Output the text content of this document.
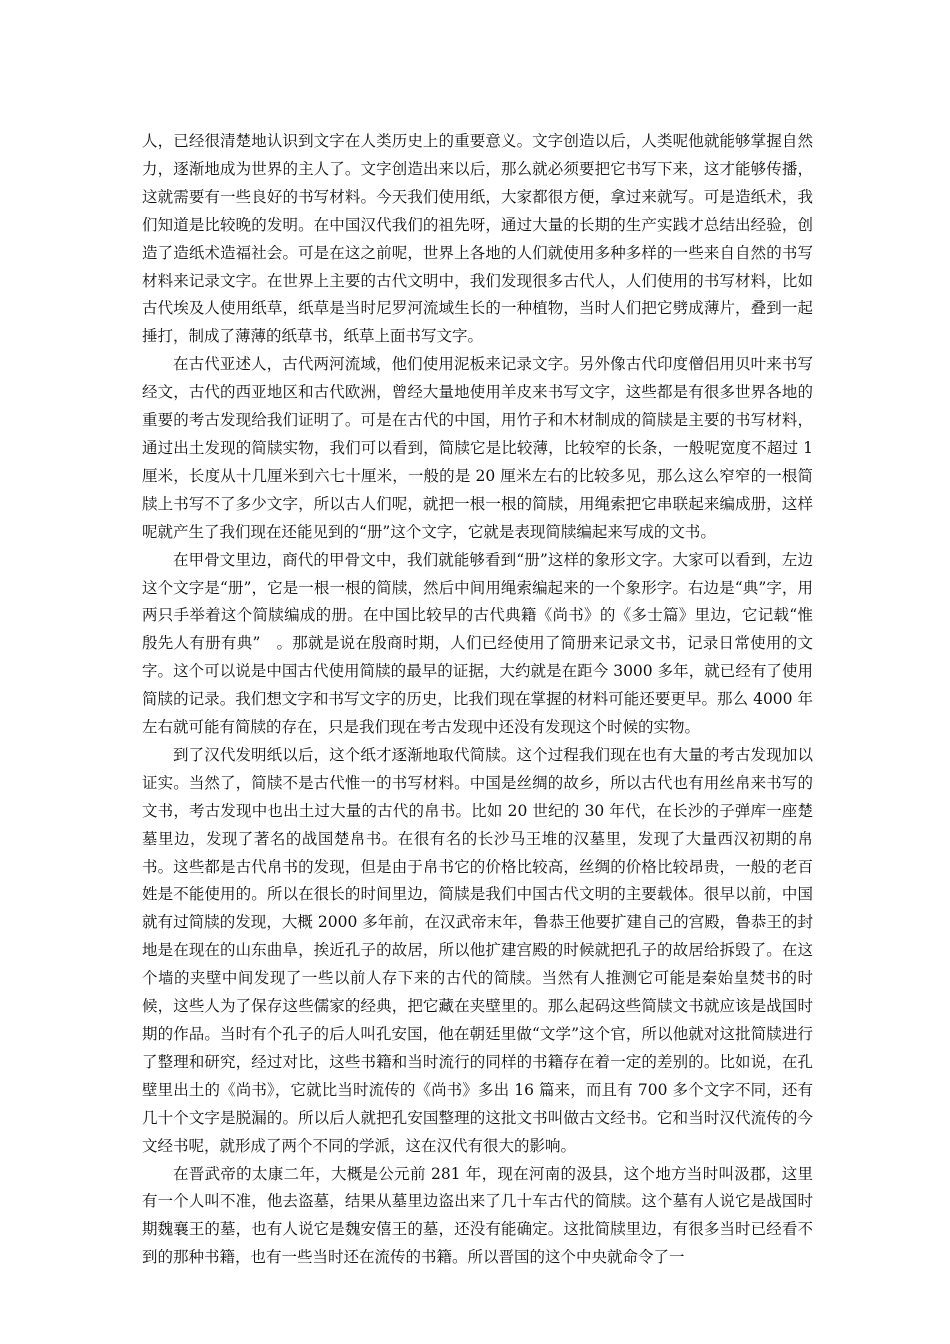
人，已经很清楚地认识到文字在人类历史上的重要意义。文字创造以后，人类呢他就能够掌握自然力，逐渐地成为世界的主人了。文字创造出来以后，那么就必须要把它书写下来，这才能够传播，这就需要有一些良好的书写材料。今天我们使用纸，大家都很方便，拿过来就写。可是造纸术，我们知道是比较晚的发明。在中国汉代我们的祖先呀，通过大量的长期的生产实践才总结出经验，创造了造纸术造福社会。可是在这之前呢，世界上各地的人们就使用多种多样的一些来自自然的书写材料来记录文字。在世界上主要的古代文明中，我们发现很多古代人，人们使用的书写材料，比如古代埃及人使用纸草，纸草是当时尼罗河流域生长的一种植物，当时人们把它劈成薄片，叠到一起捶打，制成了薄薄的纸草书，纸草上面书写文字。

在古代亚述人，古代两河流域，他们使用泥板来记录文字。另外像古代印度僧侣用贝叶来书写经文，古代的西亚地区和古代欧洲，曾经大量地使用羊皮来书写文字，这些都是有很多世界各地的重要的考古发现给我们证明了。可是在古代的中国，用竹子和木材制成的简牍是主要的书写材料，通过出土发现的简牍实物，我们可以看到，简牍它是比较薄，比较窄的长条，一般呢宽度不超过 1 厘米，长度从十几厘米到六七十厘米，一般的是 20 厘米左右的比较多见，那么这么窄窄的一根简牍上书写不了多少文字，所以古人们呢，就把一根一根的简牍，用绳索把它串联起来编成册，这样呢就产生了我们现在还能见到的“册”这个文字，它就是表现简牍编起来写成的文书。

在甲骨文里边，商代的甲骨文中，我们就能够看到“册”这样的象形文字。大家可以看到，左边这个文字是“册”，它是一根一根的简牍，然后中间用绳索编起来的一个象形字。右边是“典”字，用两只手举着这个简牍编成的册。在中国比较早的古代典籍《尚书》的《多士篇》里边，它记载“惟殷先人有册有典”　。那就是说在殷商时期，人们已经使用了简册来记录文书，记录日常使用的文字。这个可以说是中国古代使用简牍的最早的证据，大约就是在距今 3000 多年，就已经有了使用简牍的记录。我们想文字和书写文字的历史，比我们现在掌握的材料可能还要更早。那么 4000 年左右就可能有简牍的存在，只是我们现在考古发现中还没有发现这个时候的实物。

到了汉代发明纸以后，这个纸才逐渐地取代简牍。这个过程我们现在也有大量的考古发现加以证实。当然了，简牍不是古代惟一的书写材料。中国是丝绸的故乡，所以古代也有用丝帛来书写的文书，考古发现中也出土过大量的古代的帛书。比如 20 世纪的 30 年代，在长沙的子弹库一座楚墓里边，发现了著名的战国楚帛书。在很有名的长沙马王堆的汉墓里，发现了大量西汉初期的帛书。这些都是古代帛书的发现，但是由于帛书它的价格比较高，丝绸的价格比较昂贵，一般的老百姓是不能使用的。所以在很长的时间里边，简牍是我们中国古代文明的主要载体。很早以前，中国就有过简牍的发现，大概 2000 多年前，在汉武帝末年，鲁恭王他要扩建自己的宫殿，鲁恭王的封地是在现在的山东曲阜，挨近孔子的故居，所以他扩建宫殿的时候就把孔子的故居给拆毁了。在这个墙的夹壁中间发现了一些以前人存下来的古代的简牍。当然有人推测它可能是秦始皇焚书的时候，这些人为了保存这些儒家的经典，把它藏在夹壁里的。那么起码这些简牍文书就应该是战国时期的作品。当时有个孔子的后人叫孔安国，他在朝廷里做“文学”这个官，所以他就对这批简牍进行了整理和研究，经过对比，这些书籍和当时流行的同样的书籍存在着一定的差别的。比如说，在孔壁里出土的《尚书》，它就比当时流传的《尚书》多出 16 篇来，而且有 700 多个文字不同，还有几十个文字是脱漏的。所以后人就把孔安国整理的这批文书叫做古文经书。它和当时汉代流传的今文经书呢，就形成了两个不同的学派，这在汉代有很大的影响。

在晋武帝的太康二年，大概是公元前 281 年，现在河南的汲县，这个地方当时叫汲郡，这里有一个人叫不准，他去盗墓，结果从墓里边盗出来了几十车古代的简牍。这个墓有人说它是战国时期魏襄王的墓，也有人说它是魏安僖王的墓，还没有能确定。这批简牍里边，有很多当时已经看不到的那种书籍，也有一些当时还在流传的书籍。所以晋国的这个中央就命令了一
